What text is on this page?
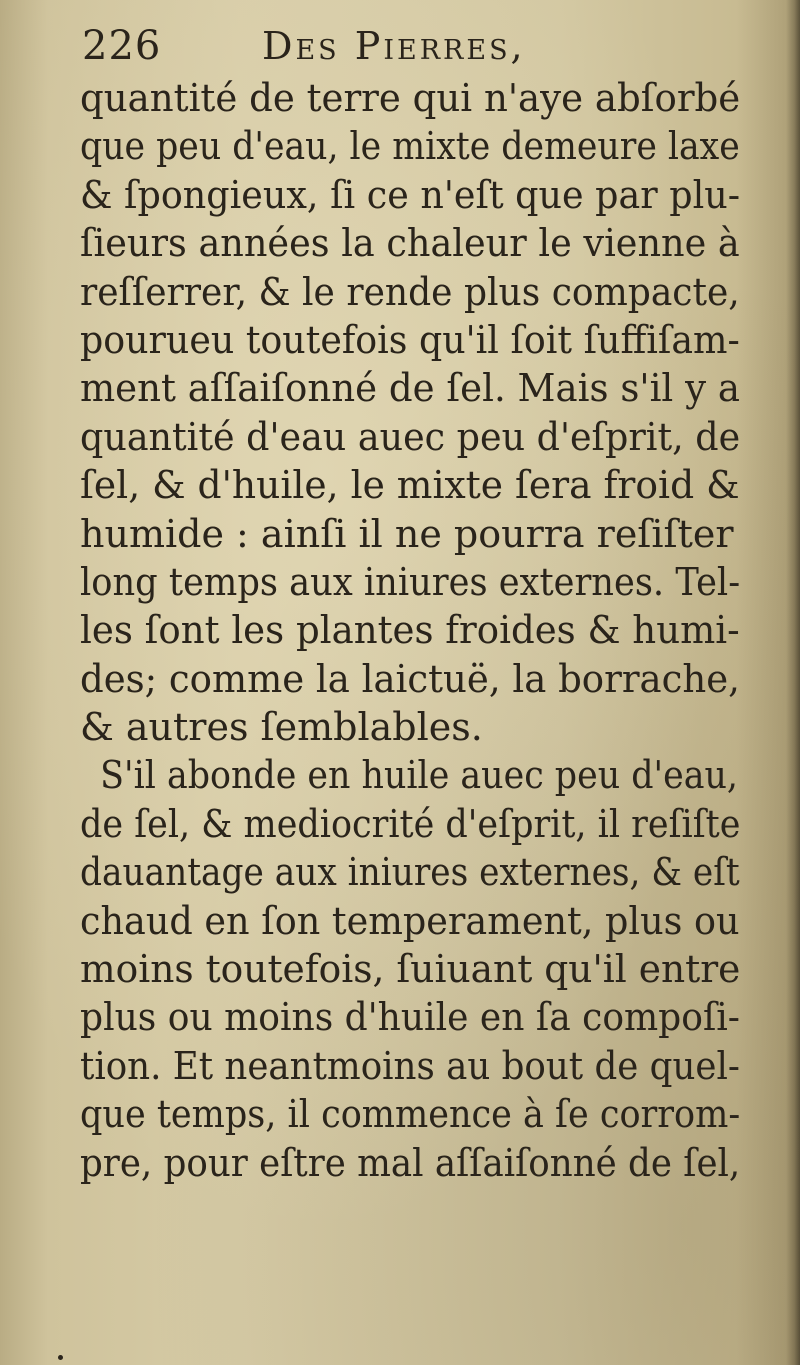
226	Des Pierres,
quantité de terre qui n'aye abſorbé
que peu d'eau, le mixte demeure laxe
& ſpongieux, ſi ce n'eſt que par plu-
ſieurs années la chaleur le vienne à
reſſerrer, & le rende plus compacte,
pouruеu toutefois qu'il ſoit ſuffiſam-
ment aſſaiſonné de ſel. Mais s'il y a
quantité d'eau auec peu d'eſprit, de
ſel, & d'huile, le mixte ſera froid &
humide : ainſi il ne pourra reſiſter
long temps aux iniures externes. Tel-
les ſont les plantes froides & humi-
des; comme la laictuë, la borrache,
& autres ſemblables.
S'il abonde en huile auec peu d'eau,
de ſel, & mediocrité d'eſprit, il reſiſte
dauantage aux iniures externes, & eſt
chaud en ſon temperament, plus ou
moins toutefois, ſuiuant qu'il entre
plus ou moins d'huile en ſa compoſi-
tion. Et neantmoins au bout de quel-
que temps, il commence à ſe corrom-
pre, pour eſtre mal aſſaiſonné de ſel,
